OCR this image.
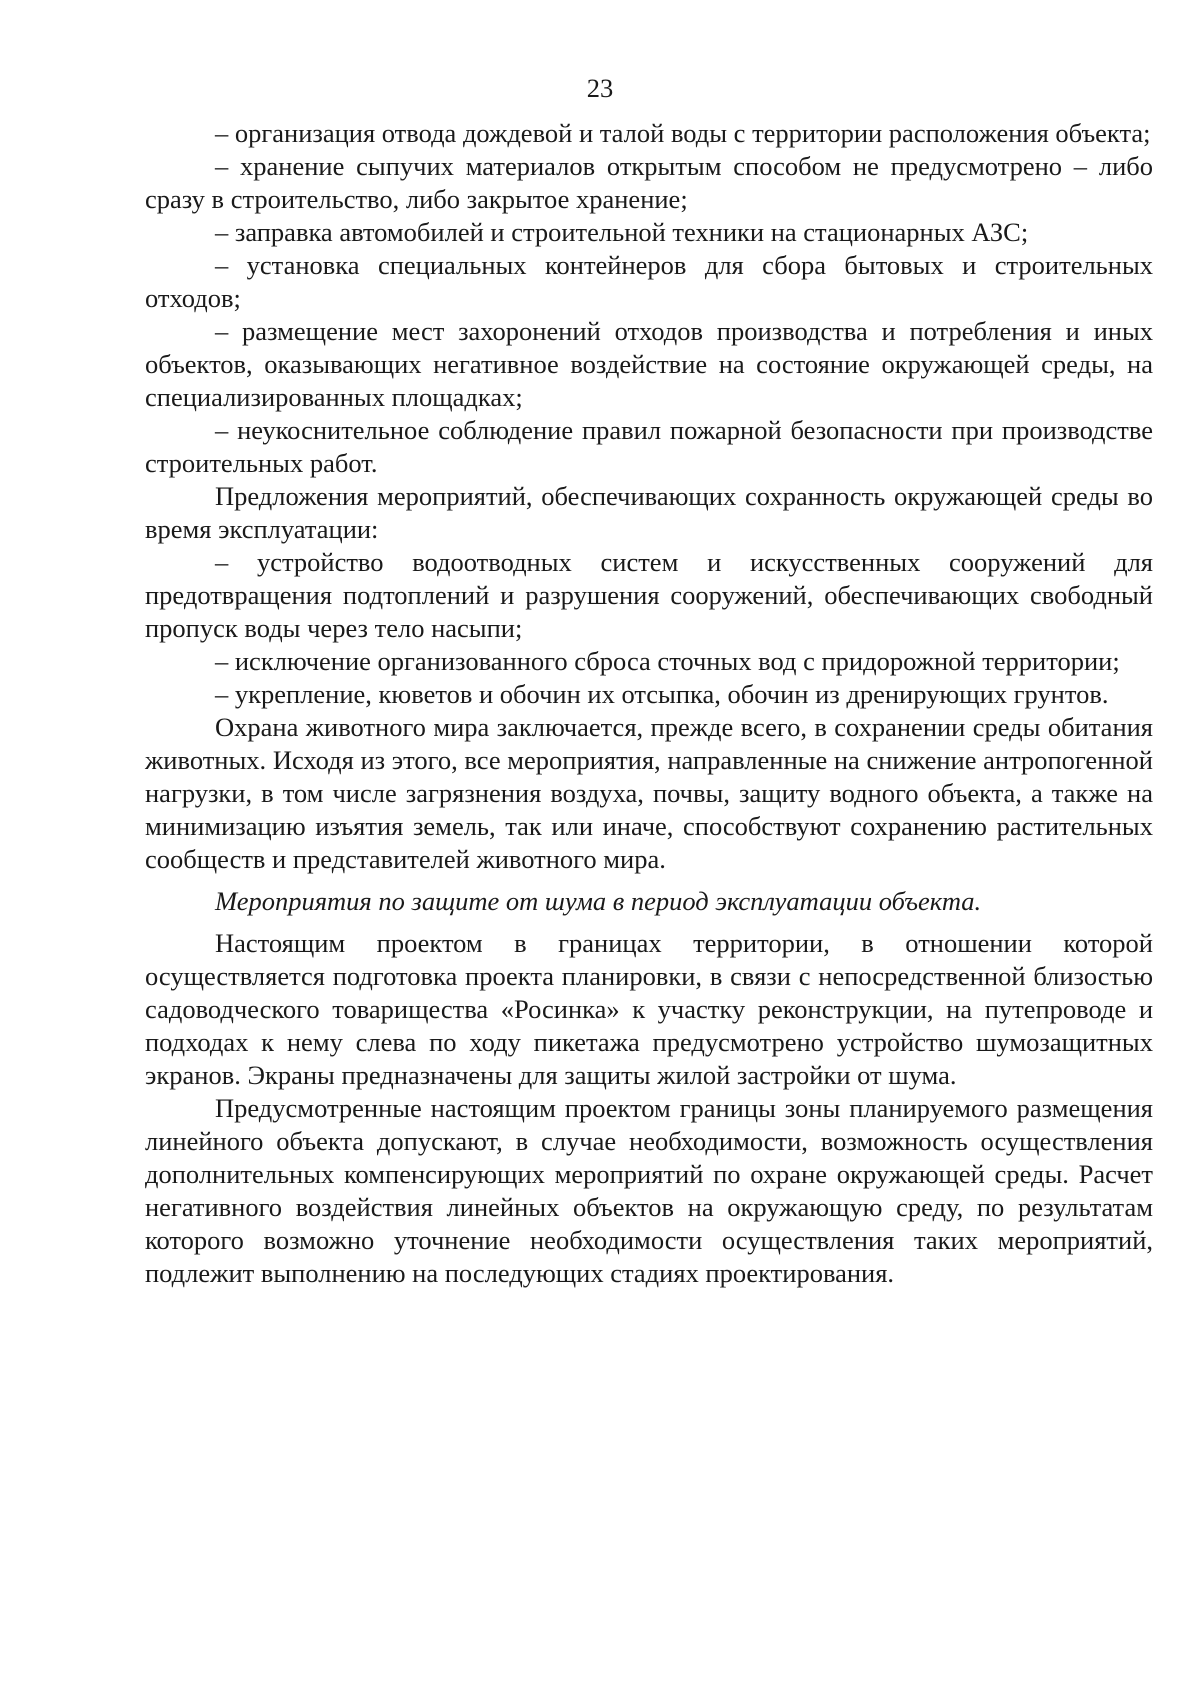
23

– организация отвода дождевой и талой воды с территории расположения объекта;

– хранение сыпучих материалов открытым способом не предусмотрено – либо сразу в строительство, либо закрытое хранение;

– заправка автомобилей и строительной техники на стационарных АЗС;

– установка специальных контейнеров для сбора бытовых и строительных отходов;

– размещение мест захоронений отходов производства и потребления и иных объектов, оказывающих негативное воздействие на состояние окружающей среды, на специализированных площадках;

– неукоснительное соблюдение правил пожарной безопасности при производстве строительных работ.

Предложения мероприятий, обеспечивающих сохранность окружающей среды во время эксплуатации:

– устройство водоотводных систем и искусственных сооружений для предотвращения подтоплений и разрушения сооружений, обеспечивающих свободный пропуск воды через тело насыпи;

– исключение организованного сброса сточных вод с придорожной территории;

– укрепление, кюветов и обочин их отсыпка, обочин из дренирующих грунтов.

Охрана животного мира заключается, прежде всего, в сохранении среды обитания животных. Исходя из этого, все мероприятия, направленные на снижение антропогенной нагрузки, в том числе загрязнения воздуха, почвы, защиту водного объекта, а также на минимизацию изъятия земель, так или иначе, способствуют сохранению растительных сообществ и представителей животного мира.

Мероприятия по защите от шума в период эксплуатации объекта.

Настоящим проектом в границах территории, в отношении которой осуществляется подготовка проекта планировки, в связи с непосредственной близостью садоводческого товарищества «Росинка» к участку реконструкции, на путепроводе и подходах к нему слева по ходу пикетажа предусмотрено устройство шумозащитных экранов. Экраны предназначены для защиты жилой застройки от шума.

Предусмотренные настоящим проектом границы зоны планируемого размещения линейного объекта допускают, в случае необходимости, возможность осуществления дополнительных компенсирующих мероприятий по охране окружающей среды. Расчет негативного воздействия линейных объектов на окружающую среду, по результатам которого возможно уточнение необходимости осуществления таких мероприятий, подлежит выполнению на последующих стадиях проектирования.
